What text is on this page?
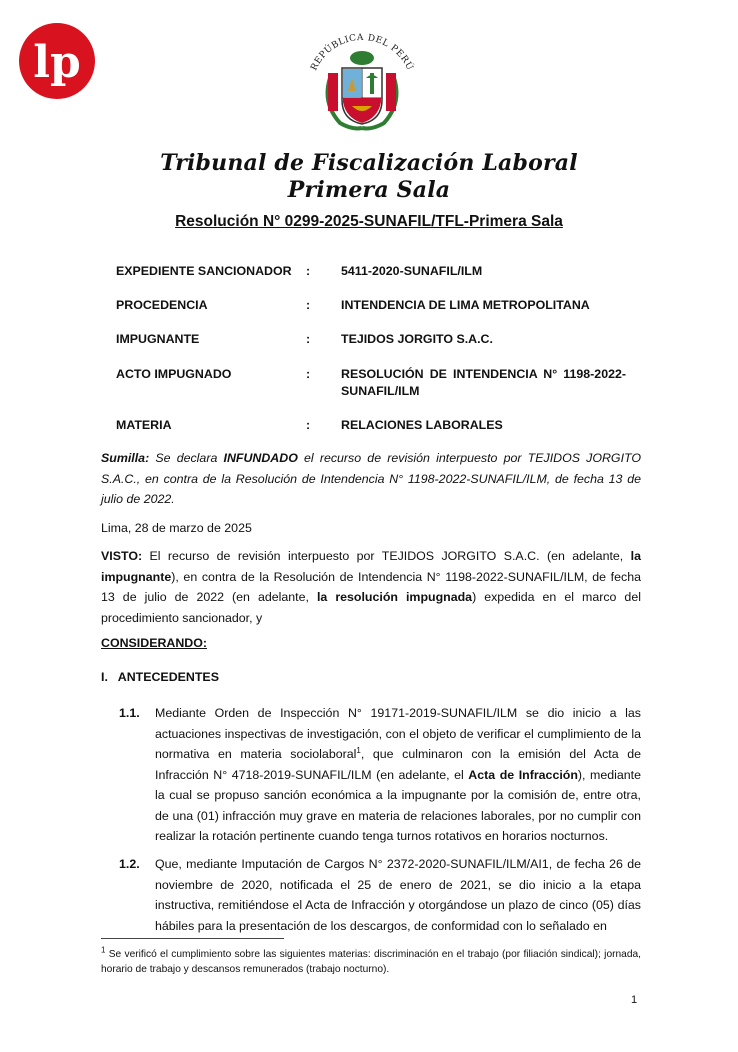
lp	REPÚBLICA DEL PERÚ
Tribunal de Fiscalización Laboral
Primera Sala
Resolución N° 0299-2025-SUNAFIL/TFL-Primera Sala
EXPEDIENTE SANCIONADOR	:	5411-2020-SUNAFIL/ILM
PROCEDENCIA	:	INTENDENCIA DE LIMA METROPOLITANA
IMPUGNANTE	:	TEJIDOS JORGITO S.A.C.
ACTO IMPUGNADO	:	RESOLUCIÓN DE INTENDENCIA N° 1198-2022-SUNAFIL/ILM
MATERIA	:	RELACIONES LABORALES
Sumilla: Se declara INFUNDADO el recurso de revisión interpuesto por TEJIDOS JORGITO S.A.C., en contra de la Resolución de Intendencia N° 1198-2022-SUNAFIL/ILM, de fecha 13 de julio de 2022.
Lima, 28 de marzo de 2025
VISTO: El recurso de revisión interpuesto por TEJIDOS JORGITO S.A.C. (en adelante, la impugnante), en contra de la Resolución de Intendencia N° 1198-2022-SUNAFIL/ILM, de fecha 13 de julio de 2022 (en adelante, la resolución impugnada) expedida en el marco del procedimiento sancionador, y
CONSIDERANDO:
I.   ANTECEDENTES
1.1. Mediante Orden de Inspección N° 19171-2019-SUNAFIL/ILM se dio inicio a las actuaciones inspectivas de investigación, con el objeto de verificar el cumplimiento de la normativa en materia sociolaboral$^1$, que culminaron con la emisión del Acta de Infracción N° 4718-2019-SUNAFIL/ILM (en adelante, el Acta de Infracción), mediante la cual se propuso sanción económica a la impugnante por la comisión de, entre otra, de una (01) infracción muy grave en materia de relaciones laborales, por no cumplir con realizar la rotación pertinente cuando tenga turnos rotativos en horarios nocturnos.
1.2. Que, mediante Imputación de Cargos N° 2372-2020-SUNAFIL/ILM/AI1, de fecha 26 de noviembre de 2020, notificada el 25 de enero de 2021, se dio inicio a la etapa instructiva, remitiéndose el Acta de Infracción y otorgándose un plazo de cinco (05) días hábiles para la presentación de los descargos, de conformidad con lo señalado en
$^1$ Se verificó el cumplimiento sobre las siguientes materias: discriminación en el trabajo (por filiación sindical); jornada, horario de trabajo y descansos remunerados (trabajo nocturno).
1
